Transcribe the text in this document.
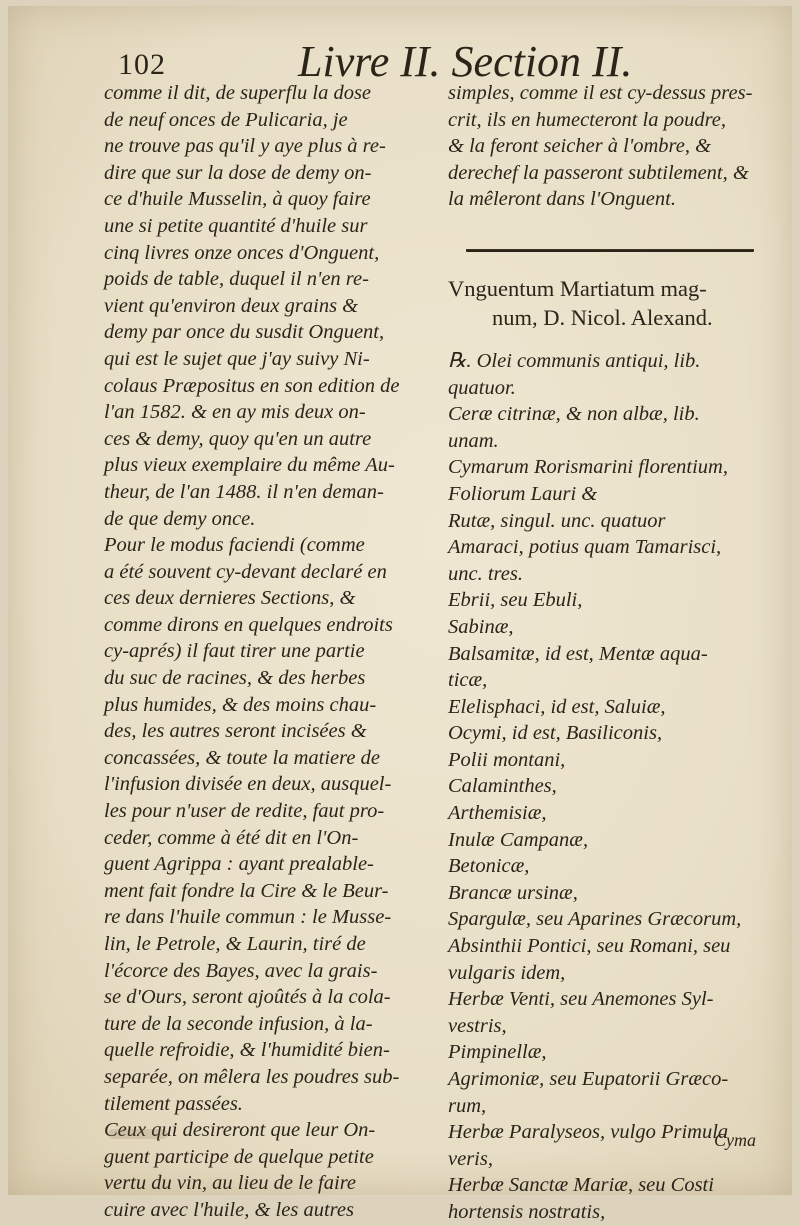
102	Livre II. Section II.
comme il dit, de superflu la dose
de neuf onces de Pulicaria, je
ne trouve pas qu'il y aye plus à re-
dire que sur la dose de demy on-
ce d'huile Musselin, à quoy faire
une si petite quantité d'huile sur
cinq livres onze onces d'Onguent,
poids de table, duquel il n'en re-
vient qu'environ deux grains &
demy par once du susdit Onguent,
qui est le sujet que j'ay suivy Ni-
colaus Præpositus en son edition de
l'an 1582. & en ay mis deux on-
ces & demy, quoy qu'en un autre
plus vieux exemplaire du même Au-
theur, de l'an 1488. il n'en deman-
de que demy once.
Pour le modus faciendi (comme
a été souvent cy-devant declaré en
ces deux dernieres Sections, &
comme dirons en quelques endroits
cy-aprés) il faut tirer une partie
du suc de racines, & des herbes
plus humides, & des moins chau-
des, les autres seront incisées &
concassées, & toute la matiere de
l'infusion divisée en deux, ausquel-
les pour n'user de redite, faut pro-
ceder, comme à été dit en l'On-
guent Agrippa : ayant prealable-
ment fait fondre la Cire & le Beur-
re dans l'huile commun : le Musse-
lin, le Petrole, & Laurin, tiré de
l'écorce des Bayes, avec la grais-
se d'Ours, seront ajoûtés à la cola-
ture de la seconde infusion, à la-
quelle refroidie, & l'humidité bien-
separée, on mêlera les poudres sub-
tilement passées.
Ceux qui desireront que leur On-
guent participe de quelque petite
vertu du vin, au lieu de le faire
cuire avec l'huile, & les autres
simples, comme il est cy-dessus pres-
crit, ils en humecteront la poudre,
& la feront seicher à l'ombre, &
derechef la passeront subtilement, &
la mêleront dans l'Onguent.
Vnguentum Martiatum mag-
num, D. Nicol. Alexand.
℞. Olei communis antiqui, lib.
quatuor.
Ceræ citrinæ, & non albæ, lib.
unam.
Cymarum Rorismarini florentium,
Foliorum Lauri &
Rutæ, singul. unc. quatuor
Amaraci, potius quam Tamarisci,
unc. tres.
Ebrii, seu Ebuli,
Sabinæ,
Balsamitæ, id est, Mentæ aqua-
ticæ,
Elelisphaci, id est, Saluiæ,
Ocymi, id est, Basiliconis,
Polii montani,
Calaminthes,
Arthemisiæ,
Inulæ Campanæ,
Betonicæ,
Brancæ ursinæ,
Spargulæ, seu Aparines Græcorum,
Absinthii Pontici, seu Romani, seu
vulgaris idem,
Herbæ Venti, seu Anemones Syl-
vestris,
Pimpinellæ,
Agrimoniæ, seu Eupatorii Græco-
rum,
Herbæ Paralyseos, vulgo Primula
veris,
Herbæ Sanctæ Mariæ, seu Costi
hortensis nostratis,
Cyma
